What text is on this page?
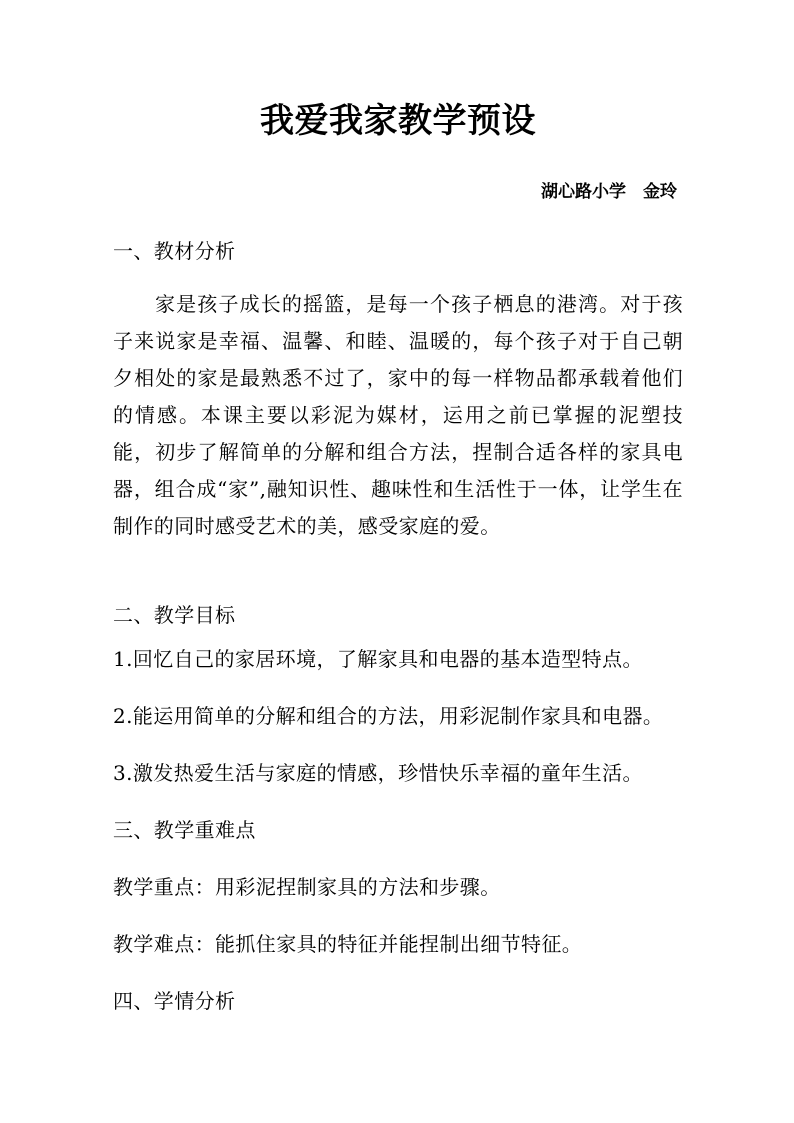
我爱我家教学预设
湖心路小学　金玲
一、教材分析
家是孩子成长的摇篮，是每一个孩子栖息的港湾。对于孩子来说家是幸福、温馨、和睦、温暖的，每个孩子对于自己朝夕相处的家是最熟悉不过了，家中的每一样物品都承载着他们的情感。本课主要以彩泥为媒材，运用之前已掌握的泥塑技能，初步了解简单的分解和组合方法，捏制合适各样的家具电器，组合成“家”,融知识性、趣味性和生活性于一体，让学生在制作的同时感受艺术的美，感受家庭的爱。
二、教学目标
1.回忆自己的家居环境，了解家具和电器的基本造型特点。
2.能运用简单的分解和组合的方法，用彩泥制作家具和电器。
3.激发热爱生活与家庭的情感，珍惜快乐幸福的童年生活。
三、教学重难点
教学重点：用彩泥捏制家具的方法和步骤。
教学难点：能抓住家具的特征并能捏制出细节特征。
四、学情分析
